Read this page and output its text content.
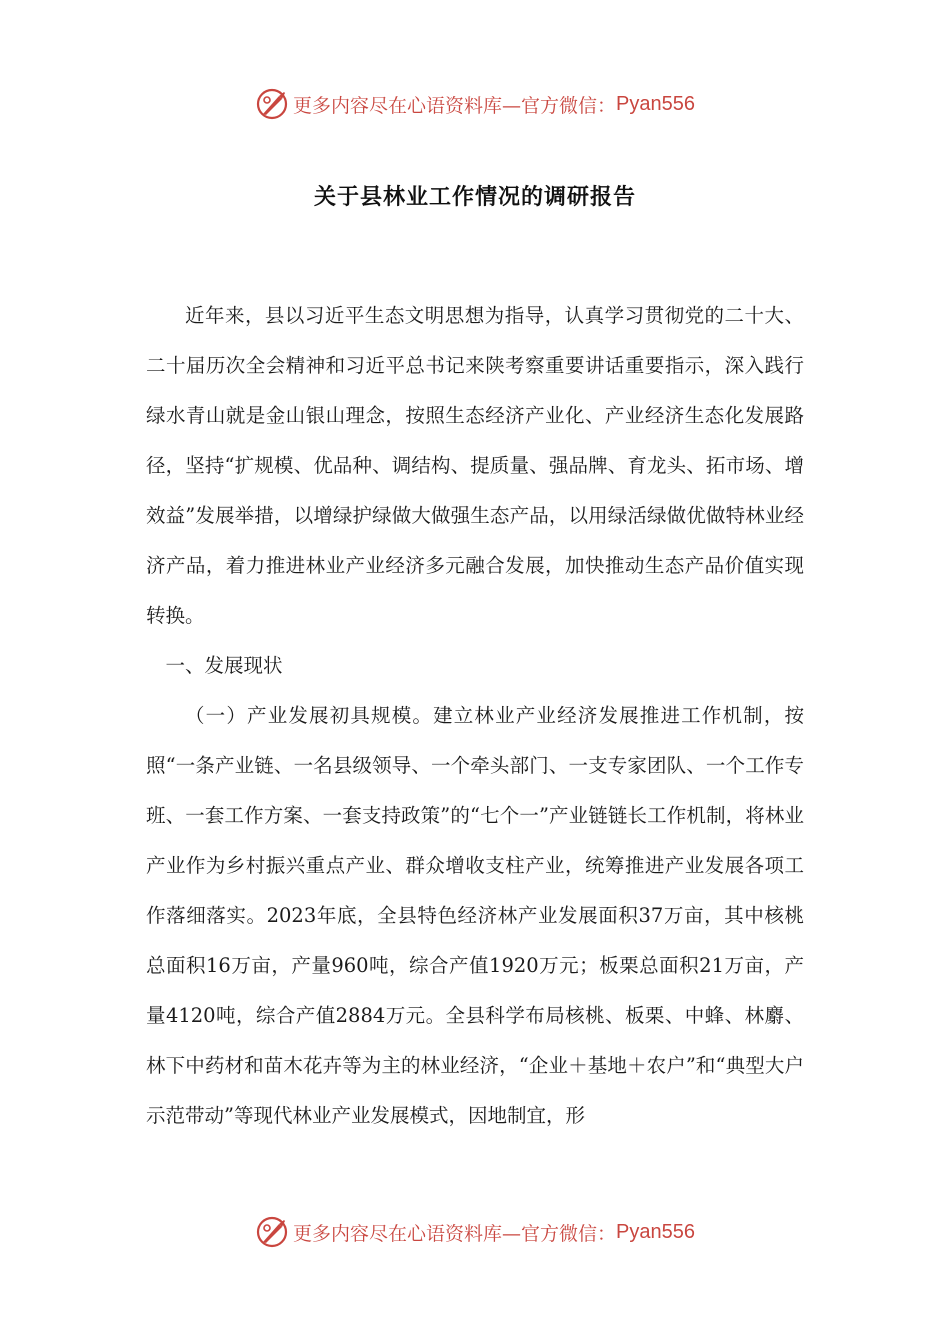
更多内容尽在心语资料库—官方微信： Pyan556
关于县林业工作情况的调研报告

近年来，县以习近平生态文明思想为指导，认真学习贯彻党的二十大、二十届历次全会精神和习近平总书记来陕考察重要讲话重要指示，深入践行绿水青山就是金山银山理念，按照生态经济产业化、产业经济生态化发展路径，坚持“扩规模、优品种、调结构、提质量、强品牌、育龙头、拓市场、增效益”发展举措，以增绿护绿做大做强生态产品，以用绿活绿做优做特林业经济产品，着力推进林业产业经济多元融合发展，加快推动生态产品价值实现转换。

一、发展现状

（一）产业发展初具规模。建立林业产业经济发展推进工作机制，按照“一条产业链、一名县级领导、一个牵头部门、一支专家团队、一个工作专班、一套工作方案、一套支持政策”的“七个一”产业链链长工作机制，将林业产业作为乡村振兴重点产业、群众增收支柱产业，统筹推进产业发展各项工作落细落实。2023年底，全县特色经济林产业发展面积37万亩，其中核桃总面积16万亩，产量960吨，综合产值1920万元；板栗总面积21万亩，产量4120吨，综合产值2884万元。全县科学布局核桃、板栗、中蜂、林麝、林下中药材和苗木花卉等为主的林业经济，“企业＋基地＋农户”和“典型大户示范带动”等现代林业产业发展模式，因地制宜，形

更多内容尽在心语资料库—官方微信： Pyan556
